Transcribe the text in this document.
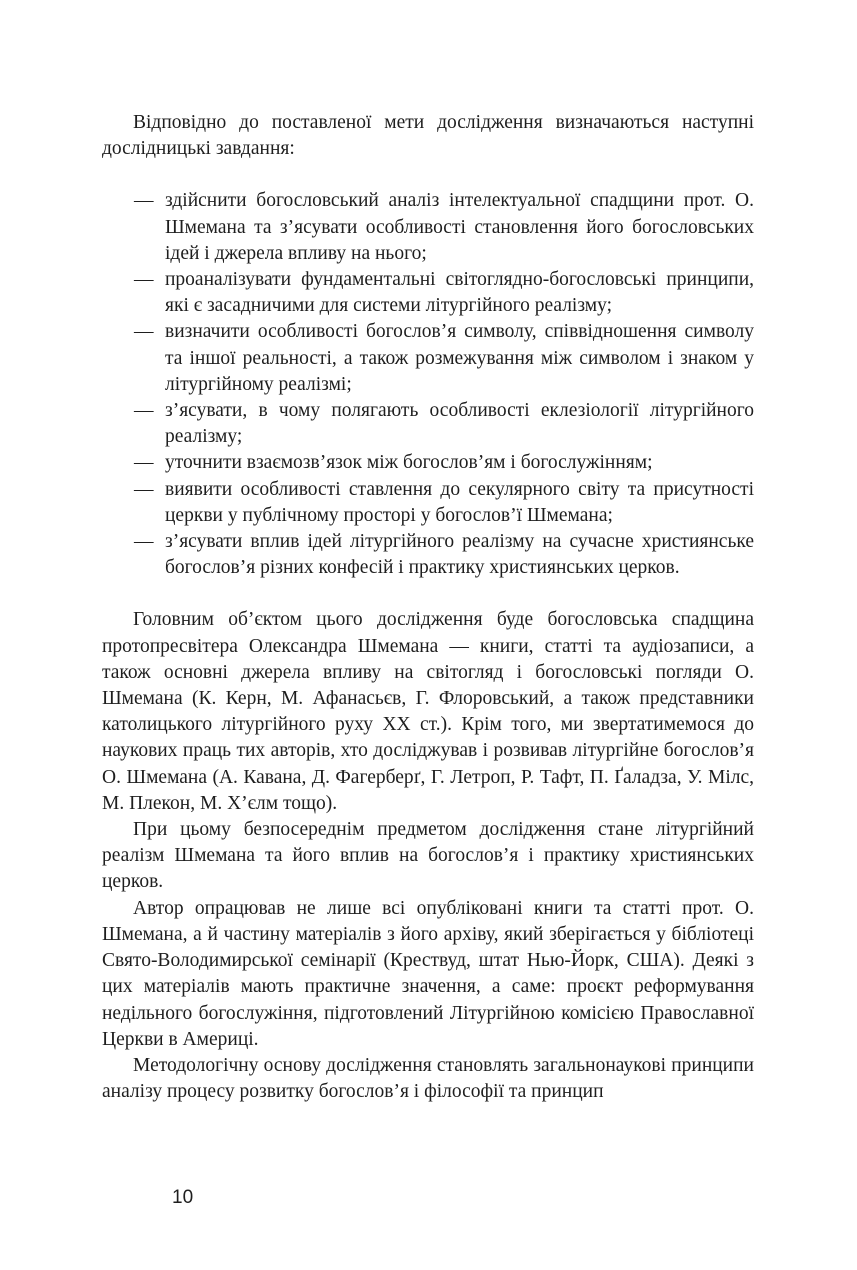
Відповідно до поставленої мети дослідження визначаються наступні дослідницькі завдання:

— здійснити богословський аналіз інтелектуальної спадщини прот. О. Шмемана та з’ясувати особливості становлення його богословських ідей і джерела впливу на нього;
— проаналізувати фундаментальні світоглядно-богословські принципи, які є засадничими для системи літургійного реалізму;
— визначити особливості богослов’я символу, співвідношення символу та іншої реальності, а також розмежування між символом і знаком у літургійному реалізмі;
— з’ясувати, в чому полягають особливості еклезіології літургійного реалізму;
— уточнити взаємозв’язок між богослов’ям і богослужінням;
— виявити особливості ставлення до секулярного світу та присутності церкви у публічному просторі у богослов’ї Шмемана;
— з’ясувати вплив ідей літургійного реалізму на сучасне християнське богослов’я різних конфесій і практику християнських церков.

Головним об’єктом цього дослідження буде богословська спадщина протопресвітера Олександра Шмемана — книги, статті та аудіозаписи, а також основні джерела впливу на світогляд і богословські погляди О. Шмемана (К. Керн, М. Афанасьєв, Г. Флоровський, а також представники католицького літургійного руху XX ст.). Крім того, ми звертатимемося до наукових праць тих авторів, хто досліджував і розвивав літургійне богослов’я О. Шмемана (А. Кавана, Д. Фагерберґ, Г. Летроп, Р. Тафт, П. Ґаладза, У. Мілс, М. Плекон, М. Х’єлм тощо).

При цьому безпосереднім предметом дослідження стане літургійний реалізм Шмемана та його вплив на богослов’я і практику християнських церков.

Автор опрацював не лише всі опубліковані книги та статті прот. О. Шмемана, а й частину матеріалів з його архіву, який зберігається у бібліотеці Свято-Володимирської семінарії (Крествуд, штат Нью-Йорк, США). Деякі з цих матеріалів мають практичне значення, а саме: проєкт реформування недільного богослужіння, підготовлений Літургійною комісією Православної Церкви в Америці.

Методологічну основу дослідження становлять загальнонаукові принципи аналізу процесу розвитку богослов’я і філософії та принцип

10
